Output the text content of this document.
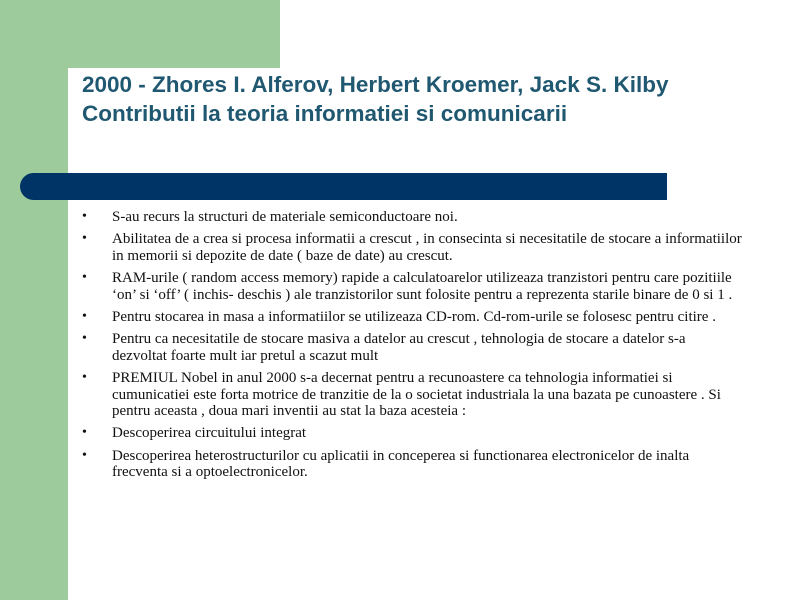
2000 - Zhores I. Alferov, Herbert Kroemer, Jack S. Kilby
Contributii la teoria informatiei si comunicarii
• S-au recurs la structuri de materiale semiconductoare noi.
• Abilitatea de a crea si procesa informatii a crescut , in consecinta si necesitatile de stocare a informatiilor in memorii si depozite de date ( baze de date) au crescut.
• RAM-urile ( random access memory) rapide a calculatoarelor utilizeaza tranzistori pentru care pozitiile ‘on’ si ‘off’ ( inchis- deschis ) ale tranzistorilor sunt folosite pentru a reprezenta starile binare de 0 si 1 .
• Pentru stocarea in masa a informatiilor se utilizeaza CD-rom. Cd-rom-urile se folosesc pentru citire .
• Pentru ca necesitatile de stocare masiva a datelor au crescut , tehnologia de stocare a datelor s-a dezvoltat foarte mult iar pretul a scazut mult
• PREMIUL Nobel in anul 2000 s-a decernat pentru a recunoastere ca tehnologia informatiei si cumunicatiei este forta motrice de tranzitie de la o societat industriala la una bazata pe cunoastere . Si pentru aceasta , doua mari inventii au stat la baza acesteia :
• Descoperirea circuitului integrat
• Descoperirea heterostructurilor cu aplicatii in conceperea si functionarea electronicelor de inalta frecventa si a optoelectronicelor.
